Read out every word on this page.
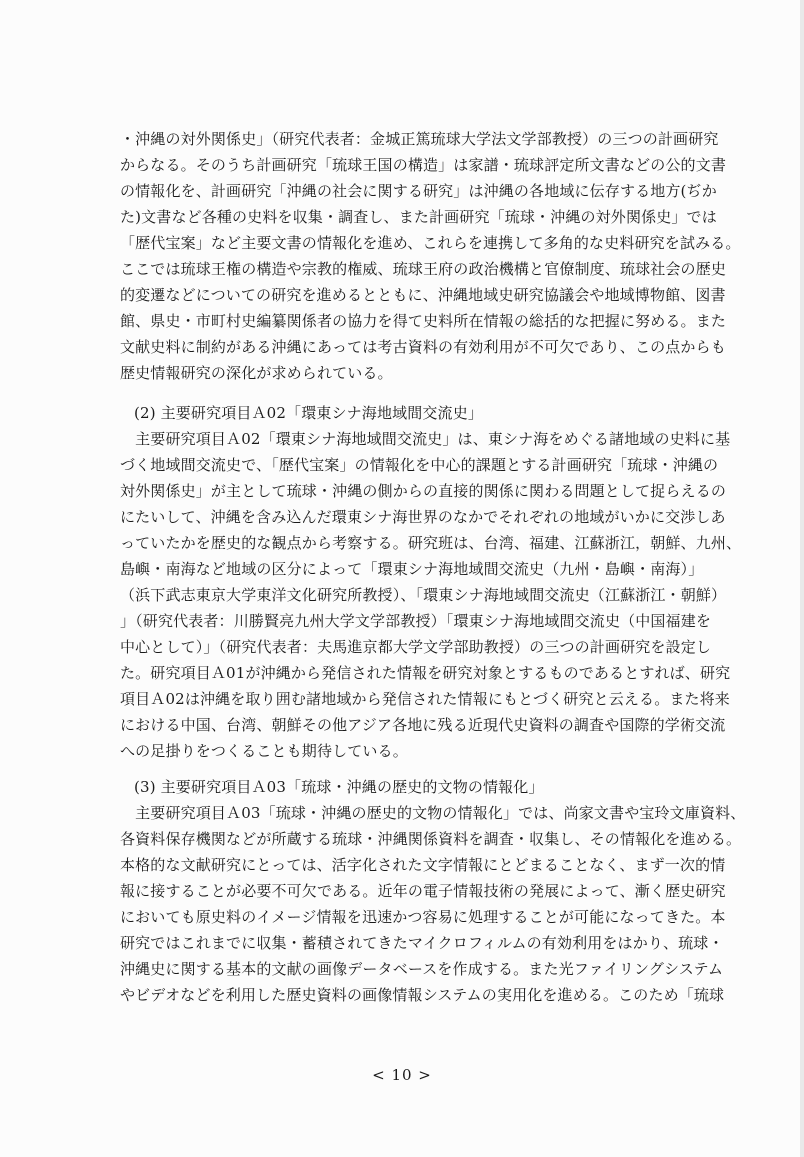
・沖縄の対外関係史」（研究代表者：金城正篤琉球大学法文学部教授）の三つの計画研究
からなる。そのうち計画研究「琉球王国の構造」は家譜・琉球評定所文書などの公的文書
の情報化を、計画研究「沖縄の社会に関する研究」は沖縄の各地域に伝存する地方(ぢか
た)文書など各種の史料を収集・調査し、また計画研究「琉球・沖縄の対外関係史」では
「歴代宝案」など主要文書の情報化を進め、これらを連携して多角的な史料研究を試みる。
ここでは琉球王権の構造や宗教的権威、琉球王府の政治機構と官僚制度、琉球社会の歴史
的変遷などについての研究を進めるとともに、沖縄地域史研究協議会や地域博物館、図書
館、県史・市町村史編纂関係者の協力を得て史料所在情報の総括的な把握に努める。また
文献史料に制約がある沖縄にあっては考古資料の有効利用が不可欠であり、この点からも
歴史情報研究の深化が求められている。
(2) 主要研究項目Ａ02「環東シナ海地域間交流史」
　主要研究項目Ａ02「環東シナ海地域間交流史」は、東シナ海をめぐる諸地域の史料に基
づく地域間交流史で、「歴代宝案」の情報化を中心的課題とする計画研究「琉球・沖縄の
対外関係史」が主として琉球・沖縄の側からの直接的関係に関わる問題として捉らえるの
にたいして、沖縄を含み込んだ環東シナ海世界のなかでそれぞれの地域がいかに交渉しあ
っていたかを歴史的な観点から考察する。研究班は、台湾、福建、江蘇浙江，朝鮮、九州、
島嶼・南海など地域の区分によって「環東シナ海地域間交流史（九州・島嶼・南海）」
（浜下武志東京大学東洋文化研究所教授）、「環東シナ海地域間交流史（江蘇浙江・朝鮮）
」（研究代表者：川勝賢亮九州大学文学部教授）「環東シナ海地域間交流史（中国福建を
中心として）」（研究代表者：夫馬進京都大学文学部助教授）の三つの計画研究を設定し
た。研究項目Ａ01が沖縄から発信された情報を研究対象とするものであるとすれば、研究
項目Ａ02は沖縄を取り囲む諸地域から発信された情報にもとづく研究と云える。また将来
における中国、台湾、朝鮮その他アジア各地に残る近現代史資料の調査や国際的学術交流
への足掛りをつくることも期待している。
(3) 主要研究項目Ａ03「琉球・沖縄の歴史的文物の情報化」
　主要研究項目Ａ03「琉球・沖縄の歴史的文物の情報化」では、尚家文書や宝玲文庫資料、
各資料保存機関などが所蔵する琉球・沖縄関係資料を調査・収集し、その情報化を進める。
本格的な文献研究にとっては、活字化された文字情報にとどまることなく、まず一次的情
報に接することが必要不可欠である。近年の電子情報技術の発展によって、漸く歴史研究
においても原史料のイメージ情報を迅速かつ容易に処理することが可能になってきた。本
研究ではこれまでに収集・蓄積されてきたマイクロフィルムの有効利用をはかり、琉球・
沖縄史に関する基本的文献の画像データベースを作成する。また光ファイリングシステム
やビデオなどを利用した歴史資料の画像情報システムの実用化を進める。このため「琉球
< 10 >
